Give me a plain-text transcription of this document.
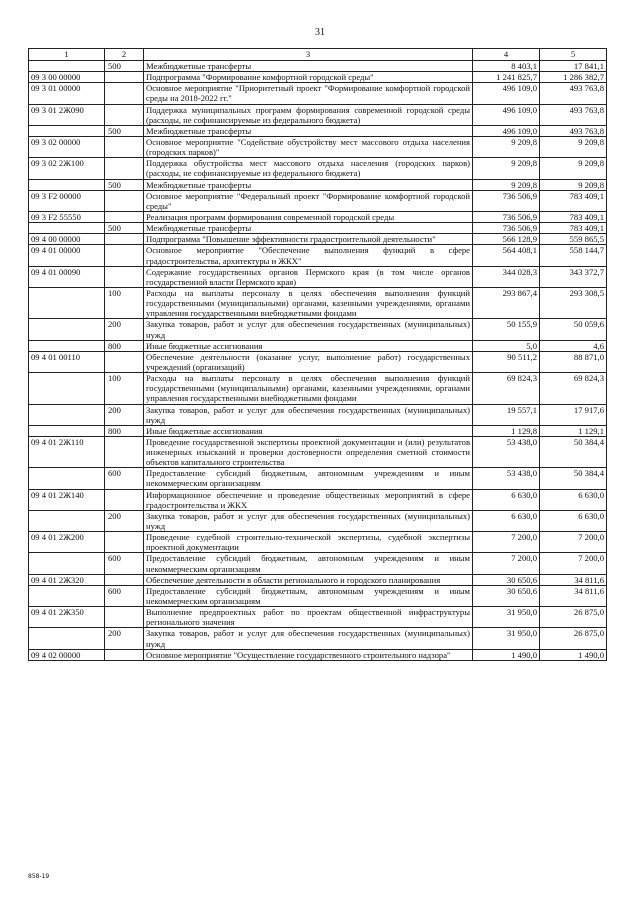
31
1	2	3	4	5
	500	Межбюджетные трансферты	8 403,1	17 841,1
09 3 00 00000		Подпрограмма "Формирование комфортной городской среды"	1 241 825,7	1 286 382,7
09 3 01 00000		Основное мероприятие "Приоритетный проект "Формирование комфортной городской среды на 2018-2022 гг."	496 109,0	493 763,8
09 3 01 2Ж090		Поддержка муниципальных программ формирования современной городской среды (расходы, не софинансируемые из федерального бюджета)	496 109,0	493 763,8
	500	Межбюджетные трансферты	496 109,0	493 763,8
09 3 02 00000		Основное мероприятие "Содействие обустройству мест массового отдыха населения (городских парков)"	9 209,8	9 209,8
09 3 02 2Ж100		Поддержка обустройства мест массового отдыха населения (городских парков) (расходы, не софинансируемые из федерального бюджета)	9 209,8	9 209,8
	500	Межбюджетные трансферты	9 209,8	9 209,8
09 3 F2 00000		Основное мероприятие "Федеральный проект "Формирование комфортной городской среды"	736 506,9	783 409,1
09 3 F2 55550		Реализация программ формирования современной городской среды	736 506,9	783 409,1
	500	Межбюджетные трансферты	736 506,9	783 409,1
09 4 00 00000		Подпрограмма "Повышение эффективности градостроительной деятельности"	566 128,9	559 865,5
09 4 01 00000		Основное мероприятие "Обеспечение выполнения функций в сфере градостроительства, архитектуры и ЖКХ"	564 408,1	558 144,7
09 4 01 00090		Содержание государственных органов Пермского края (в том числе органов государственной власти Пермского края)	344 028,3	343 372,7
	100	Расходы на выплаты персоналу в целях обеспечения выполнения функций государственными (муниципальными) органами, казенными учреждениями, органами управления государственными внебюджетными фондами	293 867,4	293 308,5
	200	Закупка товаров, работ и услуг для обеспечения государственных (муниципальных) нужд	50 155,9	50 059,6
	800	Иные бюджетные ассигнования	5,0	4,6
09 4 01 00110		Обеспечение деятельности (оказание услуг, выполнение работ) государственных учреждений (организаций)	90 511,2	88 871,0
	100	Расходы на выплаты персоналу в целях обеспечения выполнения функций государственными (муниципальными) органами, казенными учреждениями, органами управления государственными внебюджетными фондами	69 824,3	69 824,3
	200	Закупка товаров, работ и услуг для обеспечения государственных (муниципальных) нужд	19 557,1	17 917,6
	800	Иные бюджетные ассигнования	1 129,8	1 129,1
09 4 01 2Ж110		Проведение государственной экспертизы проектной документации и (или) результатов инженерных изысканий и проверки достоверности определения сметной стоимости объектов капитального строительства	53 438,0	50 384,4
	600	Предоставление субсидий бюджетным, автономным учреждениям и иным некоммерческим организациям	53 438,0	50 384,4
09 4 01 2Ж140		Информационное обеспечение и проведение общественных мероприятий в сфере градостроительства и ЖКХ	6 630,0	6 630,0
	200	Закупка товаров, работ и услуг для обеспечения государственных (муниципальных) нужд	6 630,0	6 630,0
09 4 01 2Ж200		Проведение судебной строительно-технической экспертизы, судебной экспертизы проектной документации	7 200,0	7 200,0
	600	Предоставление субсидий бюджетным, автономным учреждениям и иным некоммерческим организациям	7 200,0	7 200,0
09 4 01 2Ж320		Обеспечение деятельности в области регионального и городского планирования	30 650,6	34 811,6
	600	Предоставление субсидий бюджетным, автономным учреждениям и иным некоммерческим организациям	30 650,6	34 811,6
09 4 01 2Ж350		Выполнение предпроектных работ по проектам общественной инфраструктуры регионального значения	31 950,0	26 875,0
	200	Закупка товаров, работ и услуг для обеспечения государственных (муниципальных) нужд	31 950,0	26 875,0
09 4 02 00000		Основное мероприятие "Осуществление государственного строительного надзора"	1 490,0	1 490,0
858-19
